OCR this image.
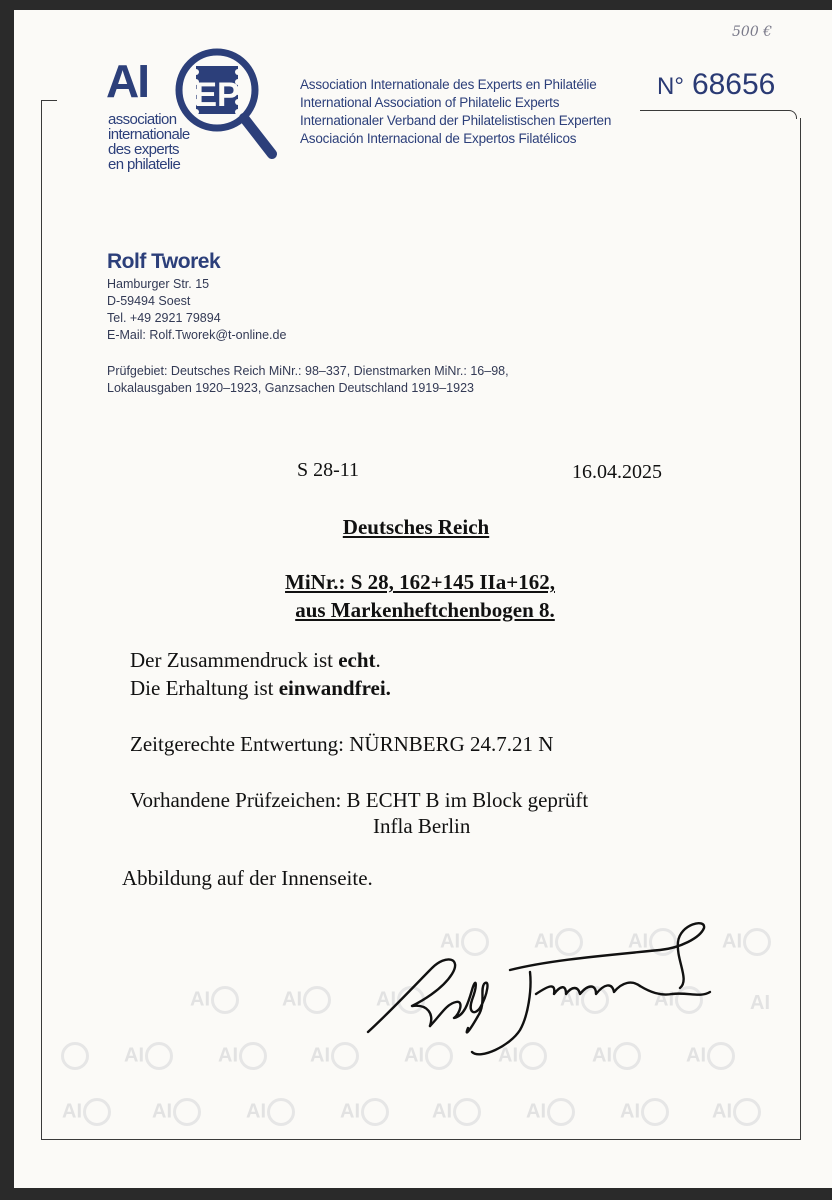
AI	AI	AI	AI
AI	AI	AI	AI	AI	AI
AI	AI	AI	AI	AI	AI	AI
AI	AI	AI	AI	AI	AI	AI	AI
AI EP
association
internationale
des experts en philatelie
Association Internationale des Experts en Philatélie
International Association of Philatelic Experts
Internationaler Verband der Philatelistischen Experten
Asociación Internacional de Expertos Filatélicos
500 €
N° 68656
Rolf Tworek
Hamburger Str. 15
D-59494 Soest
Tel. +49 2921 79894
E-Mail: Rolf.Tworek@t-online.de
Prüfgebiet: Deutsches Reich MiNr.: 98–337, Dienstmarken MiNr.: 16–98,
Lokalausgaben 1920–1923, Ganzsachen Deutschland 1919–1923
S 28-11	16.04.2025
Deutsches Reich
MiNr.: S 28, 162+145 IIa+162,
aus Markenheftchenbogen 8.
Der Zusammendruck ist echt.
Die Erhaltung ist einwandfrei.
Zeitgerechte Entwertung: NÜRNBERG 24.7.21 N
Vorhandene Prüfzeichen: B ECHT B im Block geprüft
Infla Berlin
Abbildung auf der Innenseite.
